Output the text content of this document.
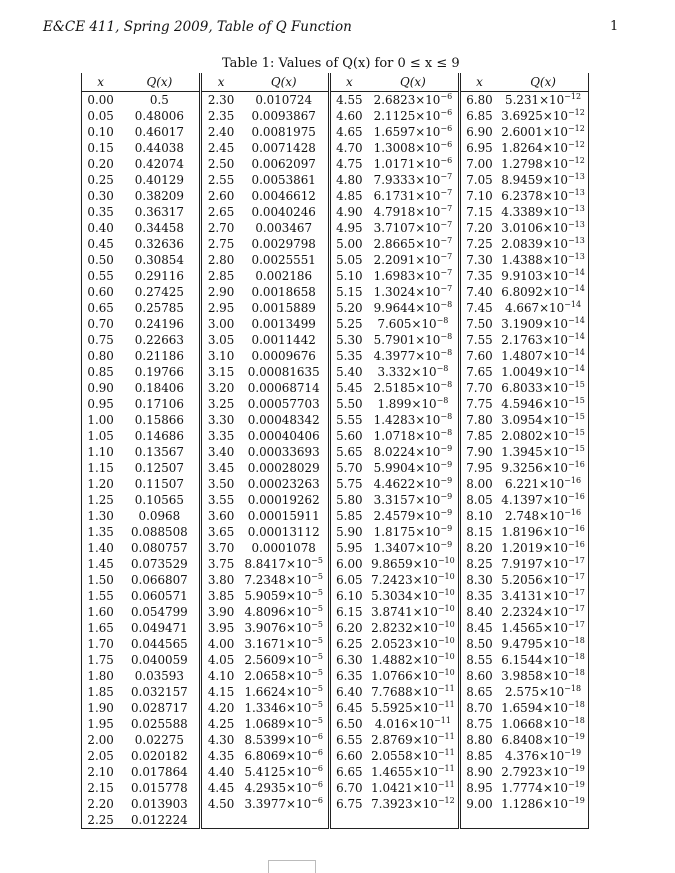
E&CE 411, Spring 2009, Table of Q Function	1
Table 1: Values of Q(x) for 0 ≤ x ≤ 9
x	Q(x)	x	Q(x)	x	Q(x)	x	Q(x)
0.00	0.5	2.30	0.010724	4.55	$2.6823\times 10^{-6}$	6.80	$5.231\times 10^{-12}$
0.05	0.48006	2.35	0.0093867	4.60	$2.1125\times 10^{-6}$	6.85	$3.6925\times 10^{-12}$
0.10	0.46017	2.40	0.0081975	4.65	$1.6597\times 10^{-6}$	6.90	$2.6001\times 10^{-12}$
0.15	0.44038	2.45	0.0071428	4.70	$1.3008\times 10^{-6}$	6.95	$1.8264\times 10^{-12}$
0.20	0.42074	2.50	0.0062097	4.75	$1.0171\times 10^{-6}$	7.00	$1.2798\times 10^{-12}$
0.25	0.40129	2.55	0.0053861	4.80	$7.9333\times 10^{-7}$	7.05	$8.9459\times 10^{-13}$
0.30	0.38209	2.60	0.0046612	4.85	$6.1731\times 10^{-7}$	7.10	$6.2378\times 10^{-13}$
0.35	0.36317	2.65	0.0040246	4.90	$4.7918\times 10^{-7}$	7.15	$4.3389\times 10^{-13}$
0.40	0.34458	2.70	0.003467	4.95	$3.7107\times 10^{-7}$	7.20	$3.0106\times 10^{-13}$
0.45	0.32636	2.75	0.0029798	5.00	$2.8665\times 10^{-7}$	7.25	$2.0839\times 10^{-13}$
0.50	0.30854	2.80	0.0025551	5.05	$2.2091\times 10^{-7}$	7.30	$1.4388\times 10^{-13}$
0.55	0.29116	2.85	0.002186	5.10	$1.6983\times 10^{-7}$	7.35	$9.9103\times 10^{-14}$
0.60	0.27425	2.90	0.0018658	5.15	$1.3024\times 10^{-7}$	7.40	$6.8092\times 10^{-14}$
0.65	0.25785	2.95	0.0015889	5.20	$9.9644\times 10^{-8}$	7.45	$4.667\times 10^{-14}$
0.70	0.24196	3.00	0.0013499	5.25	$7.605\times 10^{-8}$	7.50	$3.1909\times 10^{-14}$
0.75	0.22663	3.05	0.0011442	5.30	$5.7901\times 10^{-8}$	7.55	$2.1763\times 10^{-14}$
0.80	0.21186	3.10	0.0009676	5.35	$4.3977\times 10^{-8}$	7.60	$1.4807\times 10^{-14}$
0.85	0.19766	3.15	0.00081635	5.40	$3.332\times 10^{-8}$	7.65	$1.0049\times 10^{-14}$
0.90	0.18406	3.20	0.00068714	5.45	$2.5185\times 10^{-8}$	7.70	$6.8033\times 10^{-15}$
0.95	0.17106	3.25	0.00057703	5.50	$1.899\times 10^{-8}$	7.75	$4.5946\times 10^{-15}$
1.00	0.15866	3.30	0.00048342	5.55	$1.4283\times 10^{-8}$	7.80	$3.0954\times 10^{-15}$
1.05	0.14686	3.35	0.00040406	5.60	$1.0718\times 10^{-8}$	7.85	$2.0802\times 10^{-15}$
1.10	0.13567	3.40	0.00033693	5.65	$8.0224\times 10^{-9}$	7.90	$1.3945\times 10^{-15}$
1.15	0.12507	3.45	0.00028029	5.70	$5.9904\times 10^{-9}$	7.95	$9.3256\times 10^{-16}$
1.20	0.11507	3.50	0.00023263	5.75	$4.4622\times 10^{-9}$	8.00	$6.221\times 10^{-16}$
1.25	0.10565	3.55	0.00019262	5.80	$3.3157\times 10^{-9}$	8.05	$4.1397\times 10^{-16}$
1.30	0.0968	3.60	0.00015911	5.85	$2.4579\times 10^{-9}$	8.10	$2.748\times 10^{-16}$
1.35	0.088508	3.65	0.00013112	5.90	$1.8175\times 10^{-9}$	8.15	$1.8196\times 10^{-16}$
1.40	0.080757	3.70	0.0001078	5.95	$1.3407\times 10^{-9}$	8.20	$1.2019\times 10^{-16}$
1.45	0.073529	3.75	$8.8417\times 10^{-5}$	6.00	$9.8659\times 10^{-10}$	8.25	$7.9197\times 10^{-17}$
1.50	0.066807	3.80	$7.2348\times 10^{-5}$	6.05	$7.2423\times 10^{-10}$	8.30	$5.2056\times 10^{-17}$
1.55	0.060571	3.85	$5.9059\times 10^{-5}$	6.10	$5.3034\times 10^{-10}$	8.35	$3.4131\times 10^{-17}$
1.60	0.054799	3.90	$4.8096\times 10^{-5}$	6.15	$3.8741\times 10^{-10}$	8.40	$2.2324\times 10^{-17}$
1.65	0.049471	3.95	$3.9076\times 10^{-5}$	6.20	$2.8232\times 10^{-10}$	8.45	$1.4565\times 10^{-17}$
1.70	0.044565	4.00	$3.1671\times 10^{-5}$	6.25	$2.0523\times 10^{-10}$	8.50	$9.4795\times 10^{-18}$
1.75	0.040059	4.05	$2.5609\times 10^{-5}$	6.30	$1.4882\times 10^{-10}$	8.55	$6.1544\times 10^{-18}$
1.80	0.03593	4.10	$2.0658\times 10^{-5}$	6.35	$1.0766\times 10^{-10}$	8.60	$3.9858\times 10^{-18}$
1.85	0.032157	4.15	$1.6624\times 10^{-5}$	6.40	$7.7688\times 10^{-11}$	8.65	$2.575\times 10^{-18}$
1.90	0.028717	4.20	$1.3346\times 10^{-5}$	6.45	$5.5925\times 10^{-11}$	8.70	$1.6594\times 10^{-18}$
1.95	0.025588	4.25	$1.0689\times 10^{-5}$	6.50	$4.016\times 10^{-11}$	8.75	$1.0668\times 10^{-18}$
2.00	0.02275	4.30	$8.5399\times 10^{-6}$	6.55	$2.8769\times 10^{-11}$	8.80	$6.8408\times 10^{-19}$
2.05	0.020182	4.35	$6.8069\times 10^{-6}$	6.60	$2.0558\times 10^{-11}$	8.85	$4.376\times 10^{-19}$
2.10	0.017864	4.40	$5.4125\times 10^{-6}$	6.65	$1.4655\times 10^{-11}$	8.90	$2.7923\times 10^{-19}$
2.15	0.015778	4.45	$4.2935\times 10^{-6}$	6.70	$1.0421\times 10^{-11}$	8.95	$1.7774\times 10^{-19}$
2.20	0.013903	4.50	$3.3977\times 10^{-6}$	6.75	$7.3923\times 10^{-12}$	9.00	$1.1286\times 10^{-19}$
2.25	0.012224						
